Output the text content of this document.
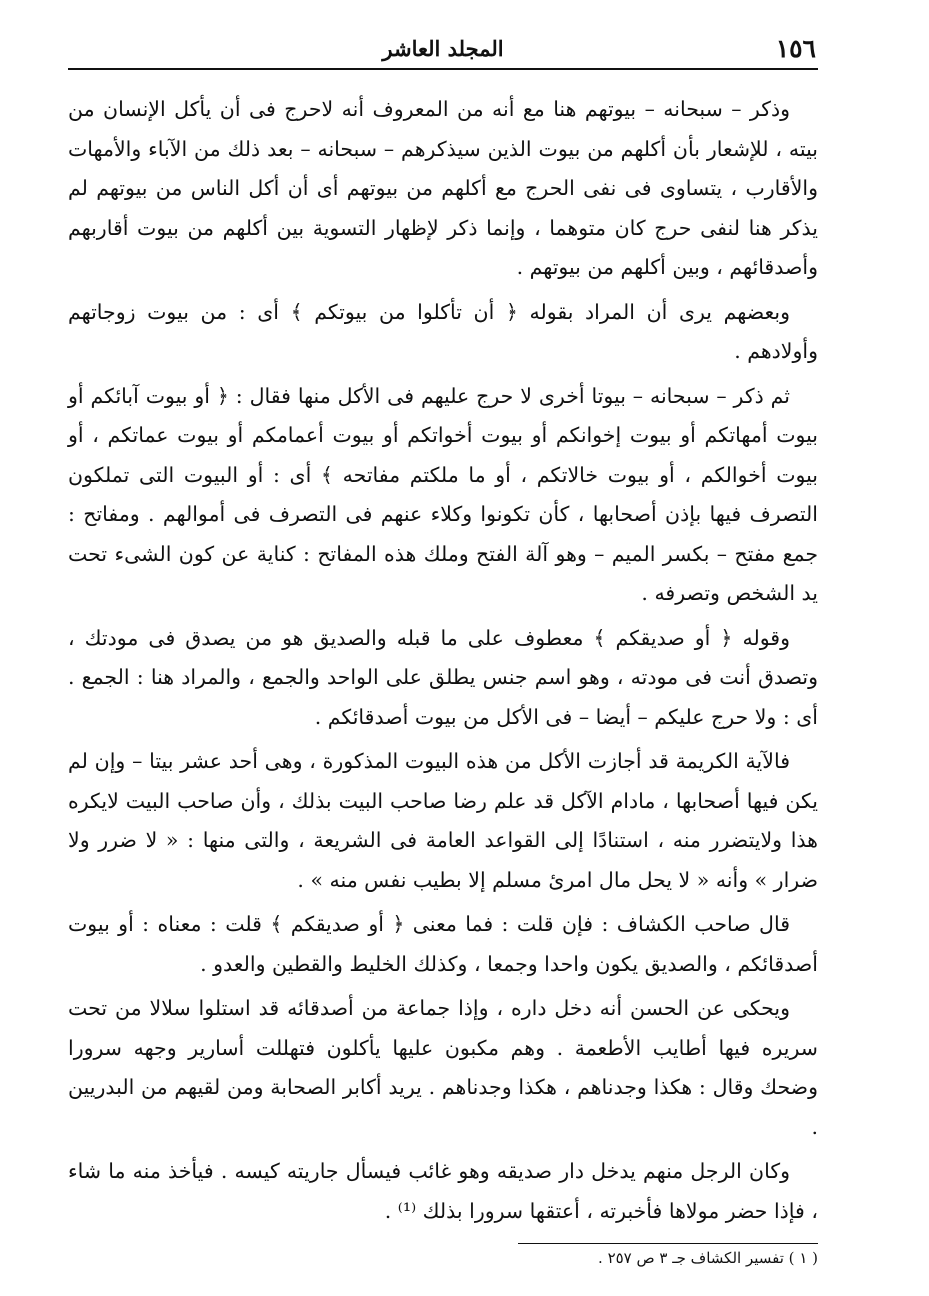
١٥٦
المجلد العاشر

وذكر – سبحانه – بيوتهم هنا مع أنه من المعروف أنه لاحرج فى أن يأكل الإنسان من بيته ، للإشعار بأن أكلهم من بيوت الذين سيذكرهم – سبحانه – بعد ذلك من الآباء والأمهات والأقارب ، يتساوى فى نفى الحرج مع أكلهم من بيوتهم أى أن أكل الناس من بيوتهم لم يذكر هنا لنفى حرج كان متوهما ، وإنما ذكر لإظهار التسوية بين أكلهم من بيوت أقاربهم وأصدقائهم ، وبين أكلهم من بيوتهم .

وبعضهم يرى أن المراد بقوله ﴿ أن تأكلوا من بيوتكم ﴾ أى : من بيوت زوجاتهم وأولادهم .

ثم ذكر – سبحانه – بيوتا أخرى لا حرج عليهم فى الأكل منها فقال : ﴿ أو بيوت آبائكم أو بيوت أمهاتكم أو بيوت إخوانكم أو بيوت أخواتكم أو بيوت أعمامكم أو بيوت عماتكم ، أو بيوت أخوالكم ، أو بيوت خالاتكم ، أو ما ملكتم مفاتحه ﴾ أى : أو البيوت التى تملكون التصرف فيها بإذن أصحابها ، كأن تكونوا وكلاء عنهم فى التصرف فى أموالهم . ومفاتح : جمع مفتح – بكسر الميم – وهو آلة الفتح وملك هذه المفاتح : كناية عن كون الشىء تحت يد الشخص وتصرفه .

وقوله ﴿ أو صديقكم ﴾ معطوف على ما قبله والصديق هو من يصدق فى مودتك ، وتصدق أنت فى مودته ، وهو اسم جنس يطلق على الواحد والجمع ، والمراد هنا : الجمع . أى : ولا حرج عليكم – أيضا – فى الأكل من بيوت أصدقائكم .

فالآية الكريمة قد أجازت الأكل من هذه البيوت المذكورة ، وهى أحد عشر بيتا – وإن لم يكن فيها أصحابها ، مادام الآكل قد علم رضا صاحب البيت بذلك ، وأن صاحب البيت لايكره هذا ولايتضرر منه ، استنادًا إلى القواعد العامة فى الشريعة ، والتى منها : « لا ضرر ولا ضرار » وأنه « لا يحل مال امرئ مسلم إلا بطيب نفس منه » .

قال صاحب الكشاف : فإن قلت : فما معنى ﴿ أو صديقكم ﴾ قلت : معناه : أو بيوت أصدقائكم ، والصديق يكون واحدا وجمعا ، وكذلك الخليط والقطين والعدو .

ويحكى عن الحسن أنه دخل داره ، وإذا جماعة من أصدقائه قد استلوا سلالا من تحت سريره فيها أطايب الأطعمة . وهم مكبون عليها يأكلون فتهللت أسارير وجهه سرورا وضحك وقال : هكذا وجدناهم ، هكذا وجدناهم . يريد أكابر الصحابة ومن لقيهم من البدريين .

وكان الرجل منهم يدخل دار صديقه وهو غائب فيسأل جاريته كيسه . فيأخذ منه ما شاء ، فإذا حضر مولاها فأخبرته ، أعتقها سرورا بذلك ⁽¹⁾ .

( ١ ) تفسير الكشاف جـ ٣ ص ٢٥٧ .
